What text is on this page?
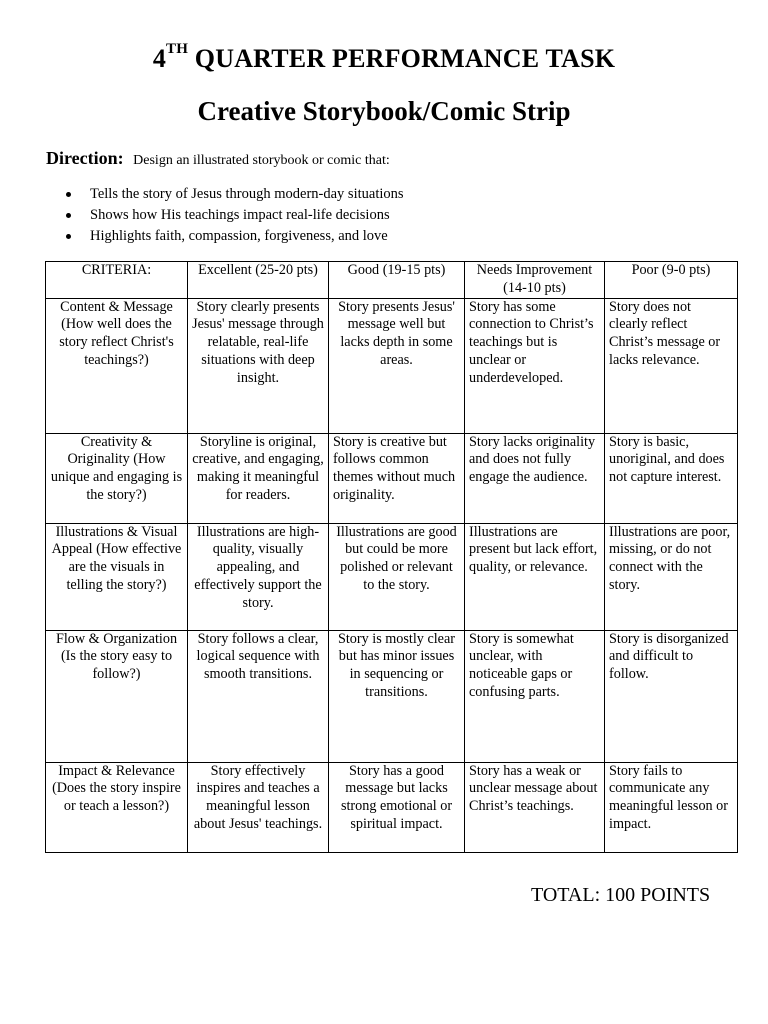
4TH QUARTER PERFORMANCE TASK
Creative Storybook/Comic Strip
Direction: Design an illustrated storybook or comic that:
Tells the story of Jesus through modern-day situations
Shows how His teachings impact real-life decisions
Highlights faith, compassion, forgiveness, and love
CRITERIA:	Excellent (25-20 pts)	Good (19-15 pts)	Needs Improvement (14-10 pts)	Poor (9-0 pts)
Content & Message (How well does the story reflect Christ's teachings?)	Story clearly presents Jesus' message through relatable, real-life situations with deep insight.	Story presents Jesus' message well but lacks depth in some areas.	Story has some connection to Christ’s teachings but is unclear or underdeveloped.	Story does not clearly reflect Christ’s message or lacks relevance.
Creativity & Originality (How unique and engaging is the story?)	Storyline is original, creative, and engaging, making it meaningful for readers.	Story is creative but follows common themes without much originality.	Story lacks originality and does not fully engage the audience.	Story is basic, unoriginal, and does not capture interest.
Illustrations & Visual Appeal (How effective are the visuals in telling the story?)	Illustrations are high-quality, visually appealing, and effectively support the story.	Illustrations are good but could be more polished or relevant to the story.	Illustrations are present but lack effort, quality, or relevance.	Illustrations are poor, missing, or do not connect with the story.
Flow & Organization (Is the story easy to follow?)	Story follows a clear, logical sequence with smooth transitions.	Story is mostly clear but has minor issues in sequencing or transitions.	Story is somewhat unclear, with noticeable gaps or confusing parts.	Story is disorganized and difficult to follow.
Impact & Relevance (Does the story inspire or teach a lesson?)	Story effectively inspires and teaches a meaningful lesson about Jesus' teachings.	Story has a good message but lacks strong emotional or spiritual impact.	Story has a weak or unclear message about Christ’s teachings.	Story fails to communicate any meaningful lesson or impact.
TOTAL: 100 POINTS
